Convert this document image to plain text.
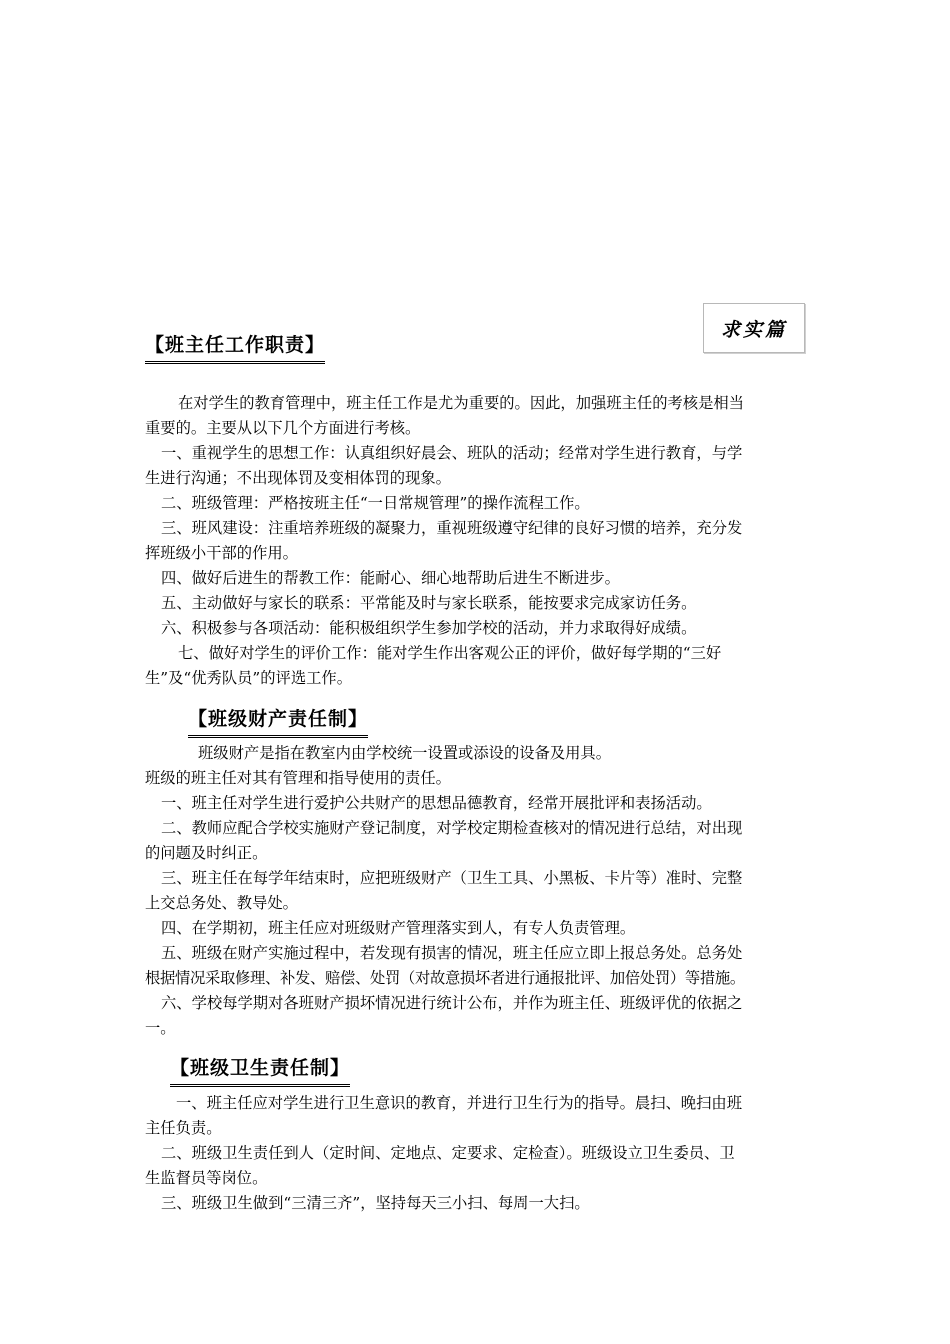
求实篇
【班主任工作职责】
在对学生的教育管理中，班主任工作是尤为重要的。因此，加强班主任的考核是相当
重要的。主要从以下几个方面进行考核。
一、重视学生的思想工作：认真组织好晨会、班队的活动；经常对学生进行教育，与学
生进行沟通；不出现体罚及变相体罚的现象。
二、班级管理：严格按班主任“一日常规管理”的操作流程工作。
三、班风建设：注重培养班级的凝聚力，重视班级遵守纪律的良好习惯的培养，充分发
挥班级小干部的作用。
四、做好后进生的帮教工作：能耐心、细心地帮助后进生不断进步。
五、主动做好与家长的联系：平常能及时与家长联系，能按要求完成家访任务。
六、积极参与各项活动：能积极组织学生参加学校的活动，并力求取得好成绩。
七、做好对学生的评价工作：能对学生作出客观公正的评价，做好每学期的“三好
生”及“优秀队员”的评选工作。
【班级财产责任制】
班级财产是指在教室内由学校统一设置或添设的设备及用具。
班级的班主任对其有管理和指导使用的责任。
一、班主任对学生进行爱护公共财产的思想品德教育，经常开展批评和表扬活动。
二、教师应配合学校实施财产登记制度，对学校定期检查核对的情况进行总结，对出现
的问题及时纠正。
三、班主任在每学年结束时，应把班级财产（卫生工具、小黑板、卡片等）准时、完整
上交总务处、教导处。
四、在学期初，班主任应对班级财产管理落实到人，有专人负责管理。
五、班级在财产实施过程中，若发现有损害的情况，班主任应立即上报总务处。总务处
根据情况采取修理、补发、赔偿、处罚（对故意损坏者进行通报批评、加倍处罚）等措施。
六、学校每学期对各班财产损坏情况进行统计公布，并作为班主任、班级评优的依据之
一。
【班级卫生责任制】
一、班主任应对学生进行卫生意识的教育，并进行卫生行为的指导。晨扫、晚扫由班
主任负责。
二、班级卫生责任到人（定时间、定地点、定要求、定检查）。班级设立卫生委员、卫
生监督员等岗位。
三、班级卫生做到“三清三齐”，坚持每天三小扫、每周一大扫。
